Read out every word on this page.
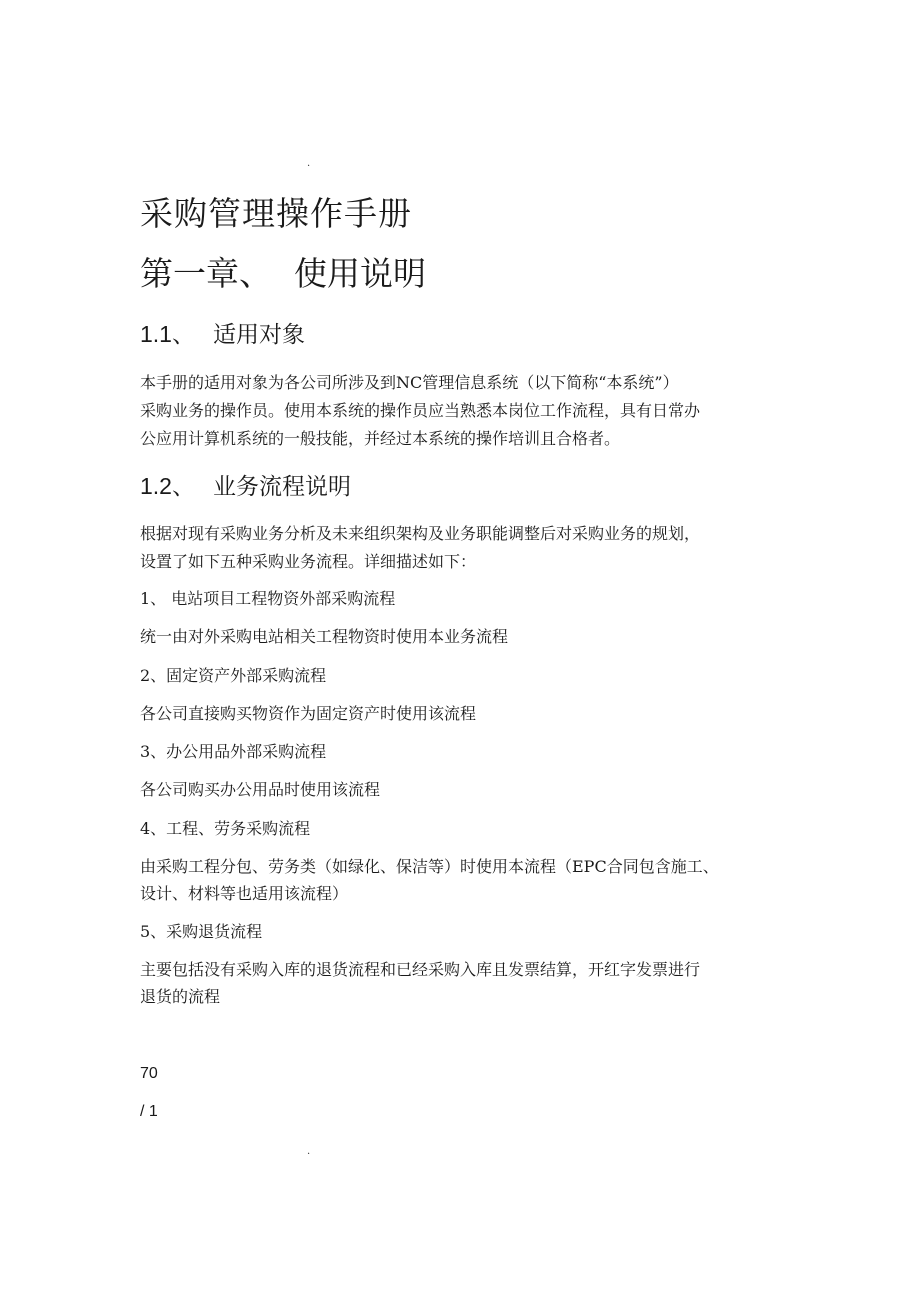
.
采购管理操作手册
第一章、 使用说明
1.1、 适用对象
本手册的适用对象为各公司所涉及到NC管理信息系统（以下简称“本系统”）
采购业务的操作员。使用本系统的操作员应当熟悉本岗位工作流程，具有日常办
公应用计算机系统的一般技能，并经过本系统的操作培训且合格者。
1.2、 业务流程说明
根据对现有采购业务分析及未来组织架构及业务职能调整后对采购业务的规划，
设置了如下五种采购业务流程。详细描述如下：
1、 电站项目工程物资外部采购流程
统一由对外采购电站相关工程物资时使用本业务流程
2、固定资产外部采购流程
各公司直接购买物资作为固定资产时使用该流程
3、办公用品外部采购流程
各公司购买办公用品时使用该流程
4、工程、劳务采购流程
由采购工程分包、劳务类（如绿化、保洁等）时使用本流程（EPC合同包含施工、
设计、材料等也适用该流程）
5、采购退货流程
主要包括没有采购入库的退货流程和已经采购入库且发票结算，开红字发票进行
退货的流程
70
/ 1
.
